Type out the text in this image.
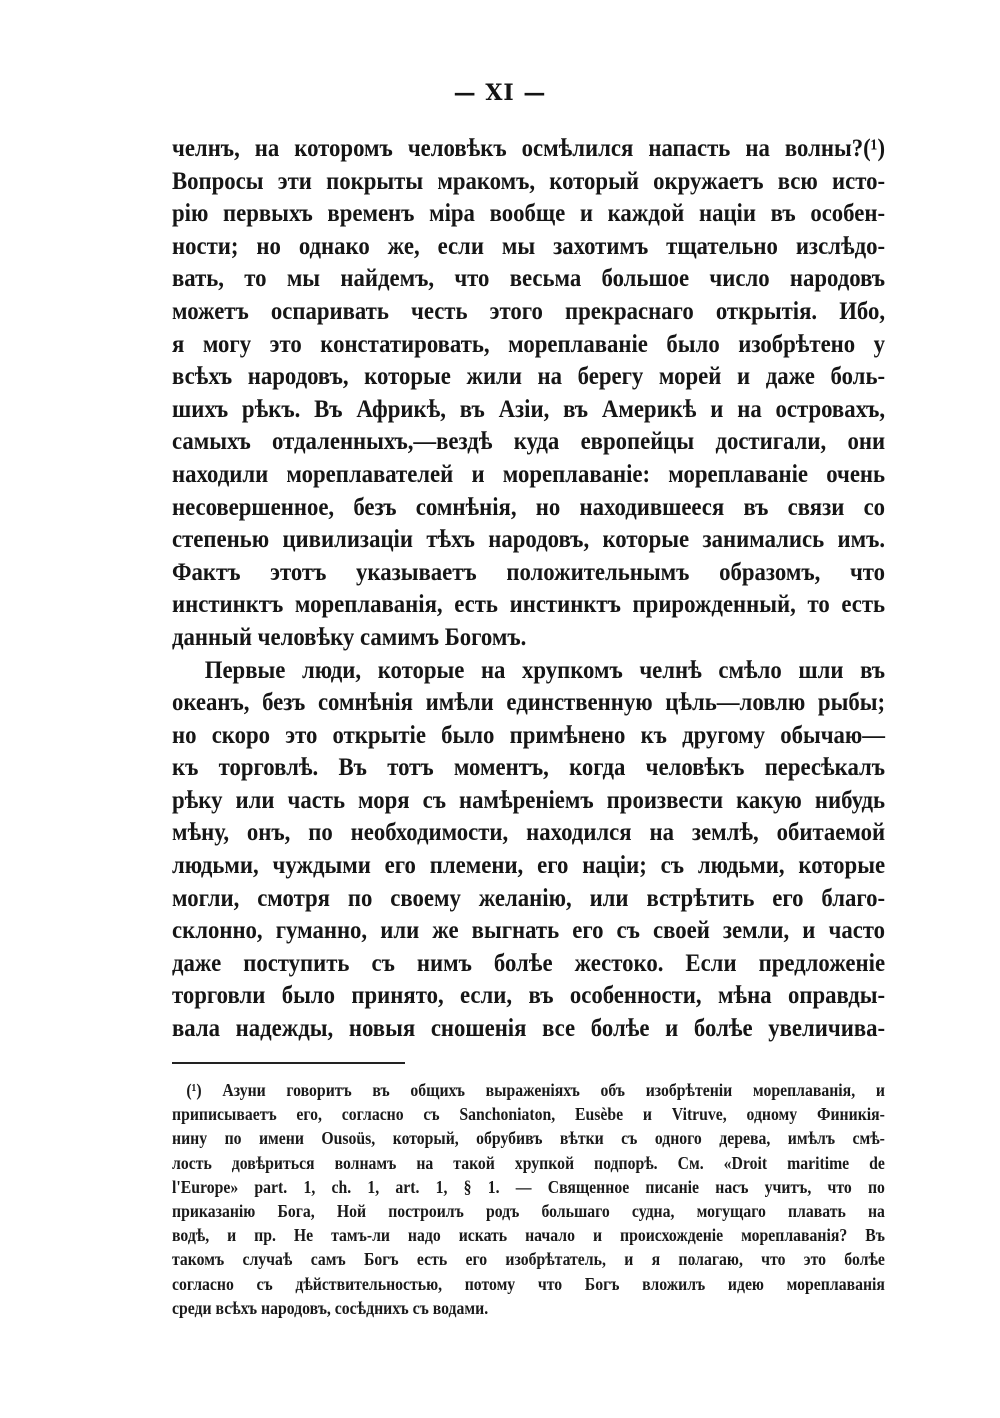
— XI —
челнъ, на которомъ человѣкъ осмѣлился напасть на волны?(¹)
Вопросы эти покрыты мракомъ, который окружаетъ всю исто-
рію первыхъ временъ міра вообще и каждой націи въ особен-
ности; но однако же, если мы захотимъ тщательно изслѣдо-
вать, то мы найдемъ, что весьма большое число народовъ
можетъ оспаривать честь этого прекраснаго открытія. Ибо,
я могу это констатировать, мореплаваніе было изобрѣтено у
всѣхъ народовъ, которые жили на берегу морей и даже боль-
шихъ рѣкъ. Въ Африкѣ, въ Азіи, въ Америкѣ и на островахъ,
самыхъ отдаленныхъ,—вездѣ куда европейцы достигали, они
находили мореплавателей и мореплаваніе: мореплаваніе очень
несовершенное, безъ сомнѣнія, но находившееся въ связи со
степенью цивилизаціи тѣхъ народовъ, которые занимались имъ.
Фактъ этотъ указываетъ положительнымъ образомъ, что
инстинктъ мореплаванія, есть инстинктъ прирожденный, то есть
данный человѣку самимъ Богомъ.
Первые люди, которые на хрупкомъ челнѣ смѣло шли въ
океанъ, безъ сомнѣнія имѣли единственную цѣль—ловлю рыбы;
но скоро это открытіе было примѣнено къ другому обычаю—
къ торговлѣ. Въ тотъ моментъ, когда человѣкъ пересѣкалъ
рѣку или часть моря съ намѣреніемъ произвести какую нибудь
мѣну, онъ, по необходимости, находился на землѣ, обитаемой
людьми, чуждыми его племени, его націи; съ людьми, которые
могли, смотря по своему желанію, или встрѣтить его благо-
склонно, гуманно, или же выгнать его съ своей земли, и часто
даже поступить съ нимъ болѣе жестоко. Если предложеніе
торговли было принято, если, въ особенности, мѣна оправды-
вала надежды, новыя сношенія все болѣе и болѣе увеличива-
(¹) Азуни говоритъ въ общихъ выраженіяхъ объ изобрѣтеніи мореплаванія, и
приписываетъ его, согласно съ Sanchoniaton, Eusèbe и Vitruve, одному Финикія-
нину по имени Ousoüs, который, обрубивъ вѣтки съ одного дерева, имѣлъ смѣ-
лость довѣриться волнамъ на такой хрупкой подпорѣ. См. «Droit maritime de
l'Europe» part. 1, ch. 1, art. 1, § 1. — Священное писаніе насъ учитъ, что по
приказанію Бога, Ной построилъ родъ большаго судна, могущаго плавать на
водѣ, и пр. Не тамъ-ли надо искать начало и происхожденіе мореплаванія? Въ
такомъ случаѣ самъ Богъ есть его изобрѣтатель, и я полагаю, что это болѣе
согласно съ дѣйствительностью, потому что Богъ вложилъ идею мореплаванія
среди всѣхъ народовъ, сосѣднихъ съ водами.
